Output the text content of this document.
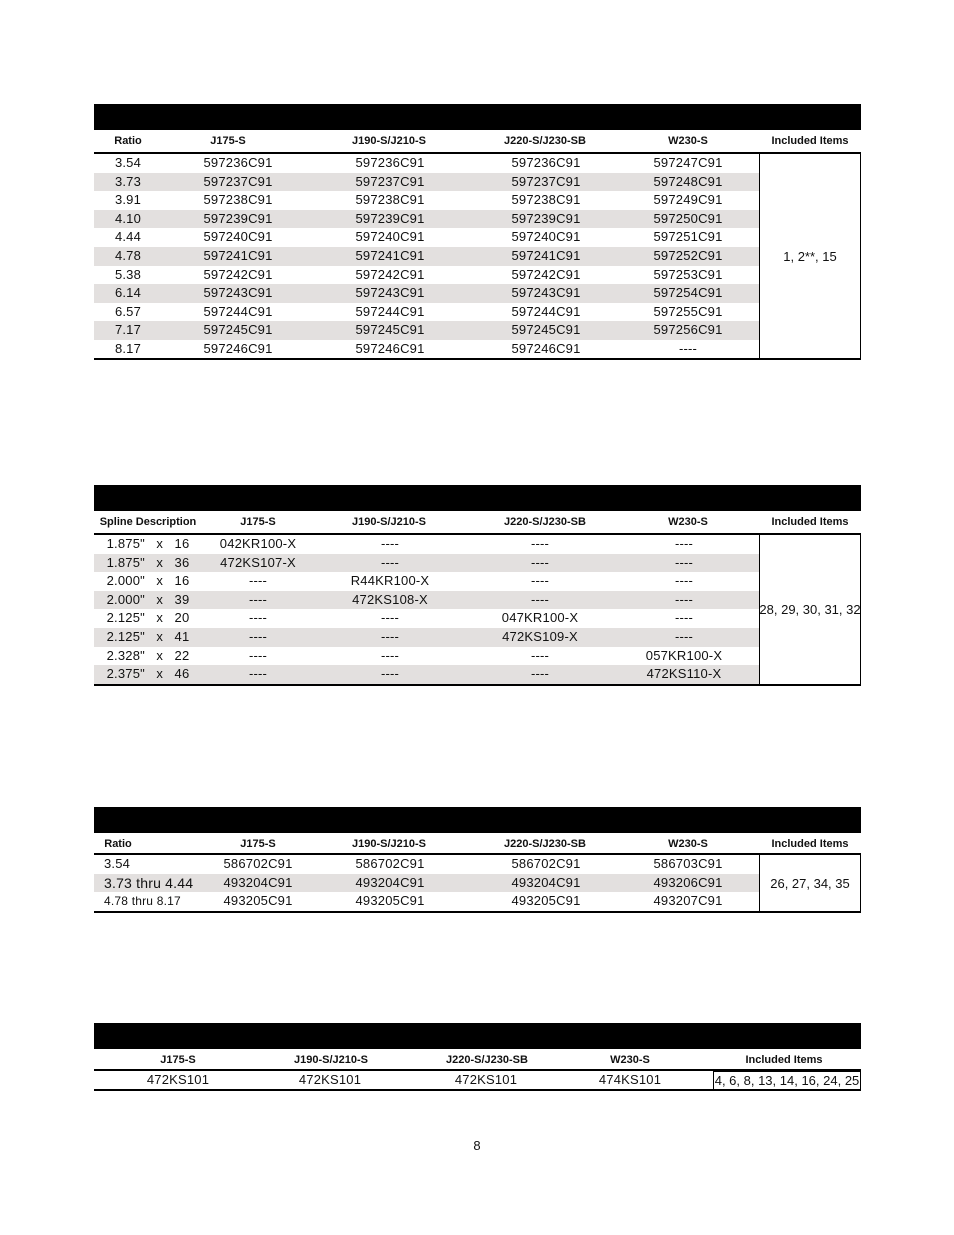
Ratio	J175-S	J190-S/J210-S	J220-S/J230-SB	W230-S	Included Items
3.54	597236C91	597236C91	597236C91	597247C91
3.73	597237C91	597237C91	597237C91	597248C91
3.91	597238C91	597238C91	597238C91	597249C91
4.10	597239C91	597239C91	597239C91	597250C91
4.44	597240C91	597240C91	597240C91	597251C91
4.78	597241C91	597241C91	597241C91	597252C91
5.38	597242C91	597242C91	597242C91	597253C91
6.14	597243C91	597243C91	597243C91	597254C91
6.57	597244C91	597244C91	597244C91	597255C91
7.17	597245C91	597245C91	597245C91	597256C91
8.17	597246C91	597246C91	597246C91	----
1, 2**, 15
Spline Description	J175-S	J190-S/J210-S	J220-S/J230-SB	W230-S	Included Items
1.875"   x   16	042KR100-X	----	----	----
1.875"   x   36	472KS107-X	----	----	----
2.000"   x   16	----	R44KR100-X	----	----
2.000"   x   39	----	472KS108-X	----	----
2.125"   x   20	----	----	047KR100-X	----
2.125"   x   41	----	----	472KS109-X	----
2.328"   x   22	----	----	----	057KR100-X
2.375"   x   46	----	----	----	472KS110-X
28, 29, 30, 31, 32
Ratio	J175-S	J190-S/J210-S	J220-S/J230-SB	W230-S	Included Items
3.54	586702C91	586702C91	586702C91	586703C91
3.73 thru 4.44	493204C91	493204C91	493204C91	493206C91
4.78 thru 8.17	493205C91	493205C91	493205C91	493207C91
26, 27, 34, 35
J175-S	J190-S/J210-S	J220-S/J230-SB	W230-S	Included Items
472KS101	472KS101	472KS101	474KS101	4, 6, 8, 13, 14, 16, 24, 25
8
